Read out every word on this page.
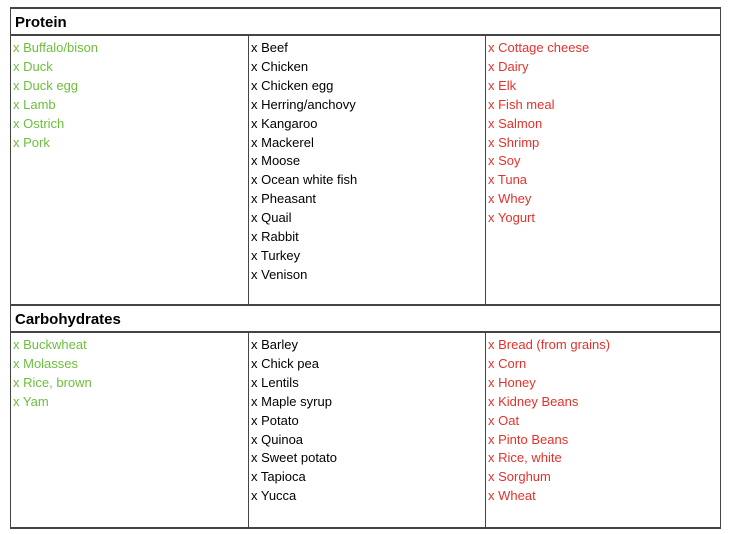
Protein
x Buffalo/bison
x Duck
x Duck egg
x Lamb
x Ostrich
x Pork
x Beef
x Chicken
x Chicken egg
x Herring/anchovy
x Kangaroo
x Mackerel
x Moose
x Ocean white fish
x Pheasant
x Quail
x Rabbit
x Turkey
x Venison
x Cottage cheese
x Dairy
x Elk
x Fish meal
x Salmon
x Shrimp
x Soy
x Tuna
x Whey
x Yogurt
Carbohydrates
x Buckwheat
x Molasses
x Rice, brown
x Yam
x Barley
x Chick pea
x Lentils
x Maple syrup
x Potato
x Quinoa
x Sweet potato
x Tapioca
x Yucca
x Bread (from grains)
x Corn
x Honey
x Kidney Beans
x Oat
x Pinto Beans
x Rice, white
x Sorghum
x Wheat
